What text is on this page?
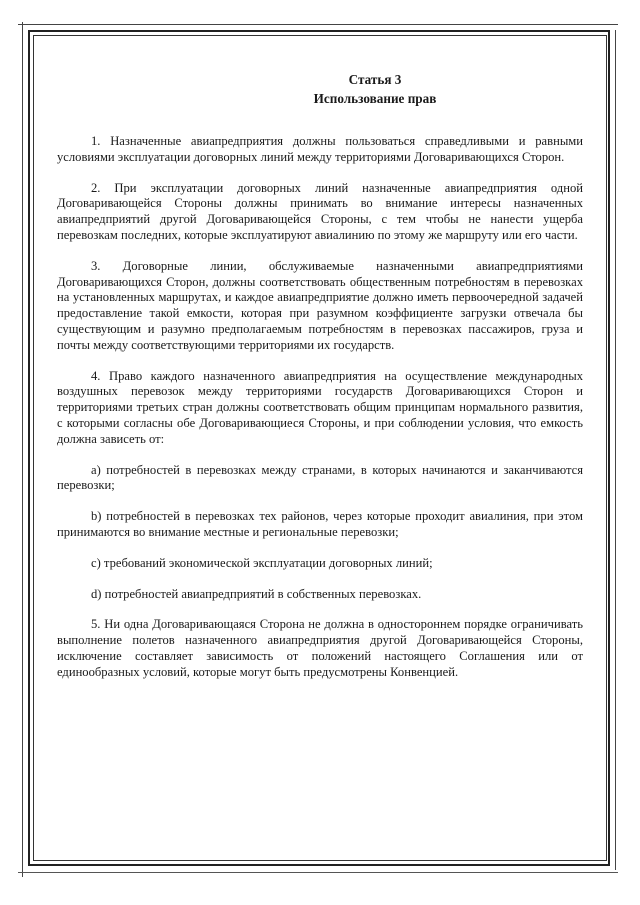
Статья 3
Использование прав

1. Назначенные авиапредприятия должны пользоваться справедливыми и равными условиями эксплуатации договорных линий между территориями Договаривающихся Сторон.

2. При эксплуатации договорных линий назначенные авиапредприятия одной Договаривающейся Стороны должны принимать во внимание интересы назначенных авиапредприятий другой Договаривающейся Стороны, с тем чтобы не нанести ущерба перевозкам последних, которые эксплуатируют авиалинию по этому же маршруту или его части.

3. Договорные линии, обслуживаемые назначенными авиапредприятиями Договаривающихся Сторон, должны соответствовать общественным потребностям в перевозках на установленных маршрутах, и каждое авиапредприятие должно иметь первоочередной задачей предоставление такой емкости, которая при разумном коэффициенте загрузки отвечала бы существующим и разумно предполагаемым потребностям в перевозках пассажиров, груза и почты между соответствующими территориями их государств.

4. Право каждого назначенного авиапредприятия на осуществление международных воздушных перевозок между территориями государств Договаривающихся Сторон и территориями третьих стран должны соответствовать общим принципам нормального развития, с которыми согласны обе Договаривающиеся Стороны, и при соблюдении условия, что емкость должна зависеть от:

a) потребностей в перевозках между странами, в которых начинаются и заканчиваются перевозки;

b) потребностей в перевозках тех районов, через которые проходит авиалиния, при этом принимаются во внимание местные и региональные перевозки;

c) требований экономической эксплуатации договорных линий;

d) потребностей авиапредприятий в собственных перевозках.

5. Ни одна Договаривающаяся Сторона не должна в одностороннем порядке ограничивать выполнение полетов назначенного авиапредприятия другой Договаривающейся Стороны, исключение составляет зависимость от положений настоящего Соглашения или от единообразных условий, которые могут быть предусмотрены Конвенцией.
